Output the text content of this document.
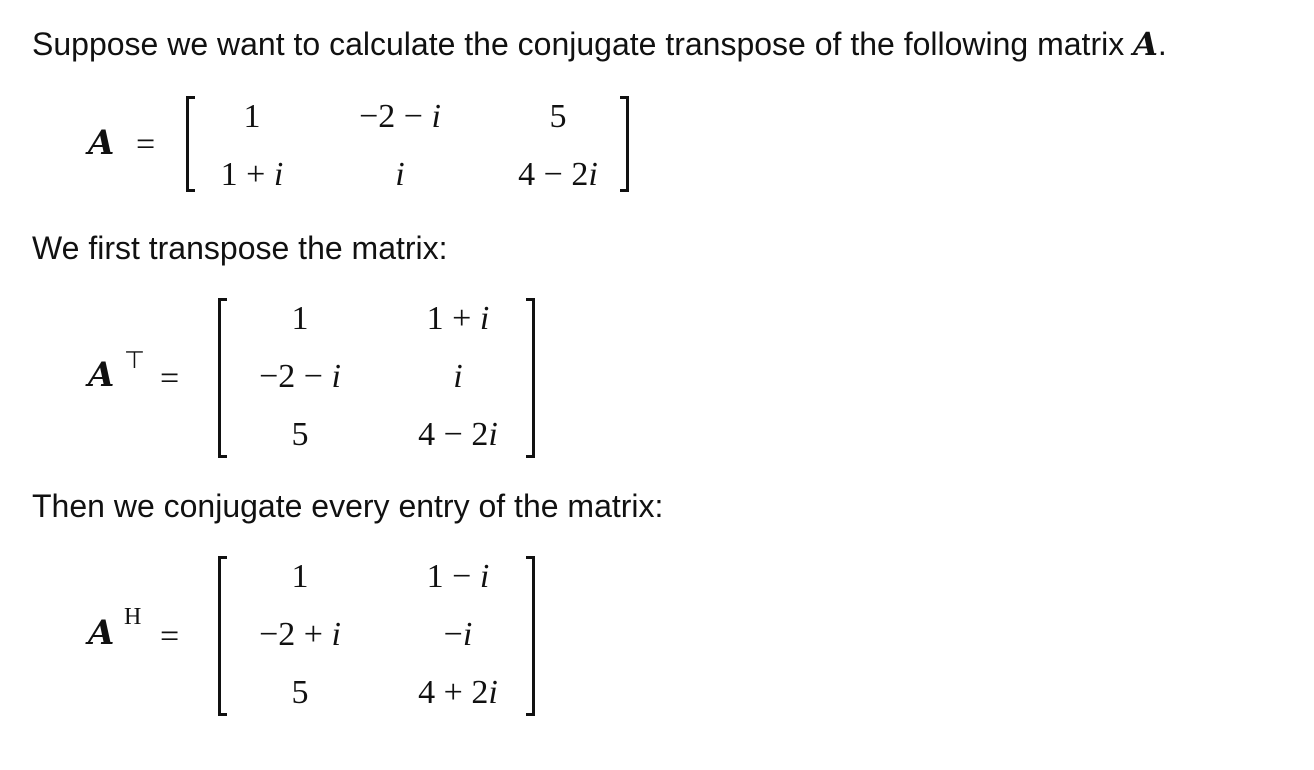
Suppose we want to calculate the conjugate transpose of the following matrix A.
A =
1	−2 − i	5
1 + i	i	4 − 2i
We first transpose the matrix:
A ⊤ =
1	1 + i
−2 − i	i
5	4 − 2i
Then we conjugate every entry of the matrix:
A H
=
1	1 − i
−2 + i	−i
5	4 + 2i
